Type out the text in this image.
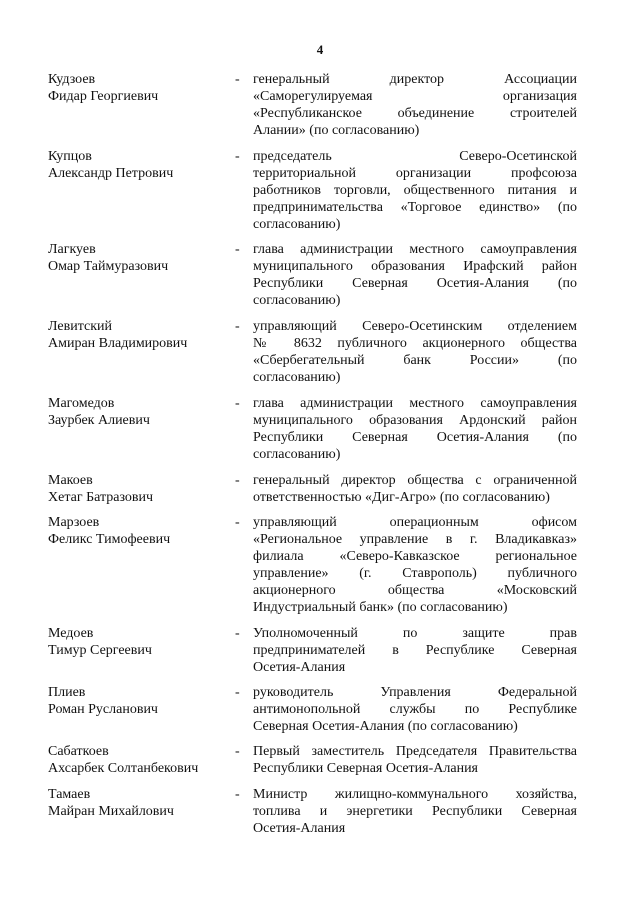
4
Кудзоев
Фидар Георгиевич
- генеральный директор Ассоциации
«Саморегулируемая организация
«Республиканское объединение строителей
Алании» (по согласованию)
Купцов
Александр Петрович
- председатель Северо-Осетинской
территориальной организации профсоюза
работников торговли, общественного питания и
предпринимательства «Торговое единство» (по
согласованию)
Лагкуев
Омар Таймуразович
- глава администрации местного самоуправления
муниципального образования Ирафский район
Республики Северная Осетия-Алания (по
согласованию)
Левитский
Амиран Владимирович
- управляющий Северо-Осетинским отделением
№ 8632 публичного акционерного общества
«Сбербегательный банк России» (по
согласованию)
Магомедов
Заурбек Алиевич
- глава администрации местного самоуправления
муниципального образования Ардонский район
Республики Северная Осетия-Алания (по
согласованию)
Макоев
Хетаг Батразович
- генеральный директор общества с ограниченной
ответственностью «Диг-Агро» (по согласованию)
Марзоев
Феликс Тимофеевич
- управляющий операционным офисом
«Региональное управление в г. Владикавказ»
филиала «Северо-Кавказское региональное
управление» (г. Ставрополь) публичного
акционерного общества «Московский
Индустриальный банк» (по согласованию)
Медоев
Тимур Сергеевич
- Уполномоченный по защите прав
предпринимателей в Республике Северная
Осетия-Алания
Плиев
Роман Русланович
- руководитель Управления Федеральной
антимонопольной службы по Республике
Северная Осетия-Алания (по согласованию)
Сабаткоев
Ахсарбек Солтанбекович
- Первый заместитель Председателя Правительства
Республики Северная Осетия-Алания
Тамаев
Майран Михайлович
- Министр жилищно-коммунального хозяйства,
топлива и энергетики Республики Северная
Осетия-Алания
